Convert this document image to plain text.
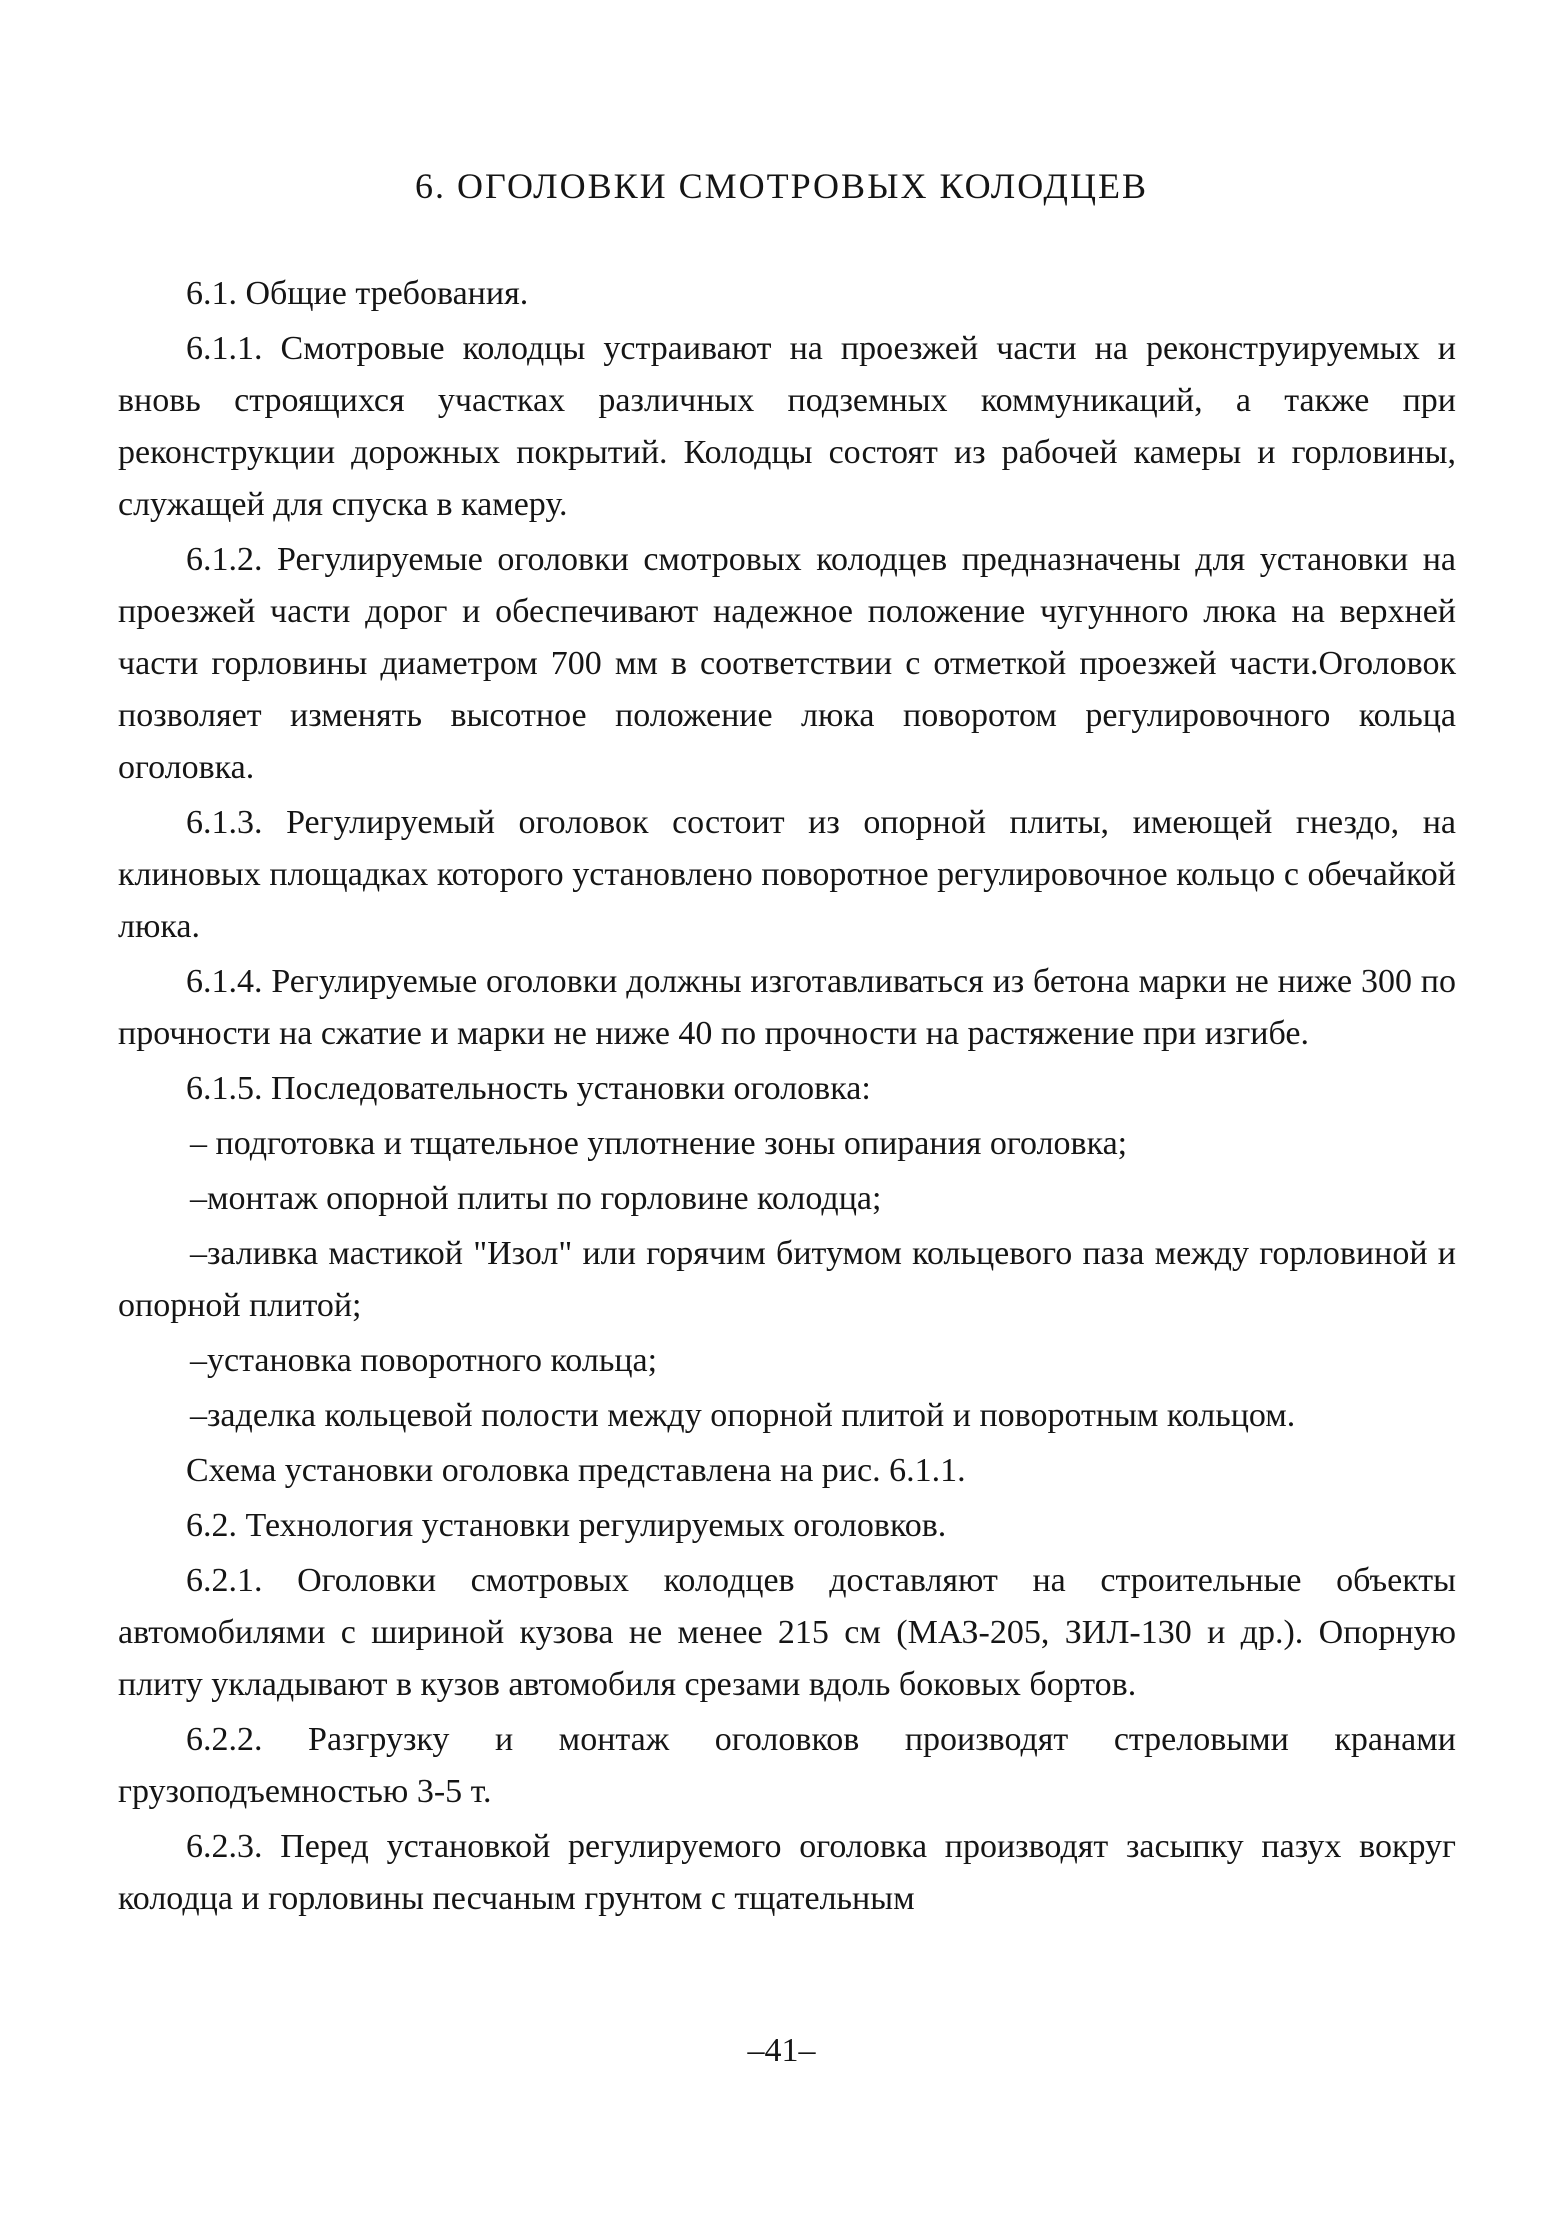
6. ОГОЛОВКИ СМОТРОВЫХ КОЛОДЦЕВ

6.1. Общие требования.

6.1.1. Смотровые колодцы устраивают на проезжей части на реконструируемых и вновь строящихся участках различных подземных коммуникаций, а также при реконструкции дорожных покрытий. Колодцы состоят из рабочей камеры и горловины, служащей для спуска в камеру.

6.1.2. Регулируемые оголовки смотровых колодцев предназначены для установки на проезжей части дорог и обеспечивают надежное положение чугунного люка на верхней части горловины диаметром 700 мм в соответствии с отметкой проезжей части.Оголовок позволяет изменять высотное положение люка поворотом регулировочного кольца оголовка.

6.1.3. Регулируемый оголовок состоит из опорной плиты, имеющей гнездо, на клиновых площадках которого установлено поворотное регулировочное кольцо с обечайкой люка.

6.1.4. Регулируемые оголовки должны изготавливаться из бетона марки не ниже 300 по прочности на сжатие и марки не ниже 40 по прочности на растяжение при изгибе.

6.1.5. Последовательность установки оголовка:

– подготовка и тщательное уплотнение зоны опирания оголовка;

–монтаж опорной плиты по горловине колодца;

–заливка мастикой "Изол" или горячим битумом кольцевого паза между горловиной и опорной плитой;

–установка поворотного кольца;

–заделка кольцевой полости между опорной плитой и поворотным кольцом.

Схема установки оголовка представлена на рис. 6.1.1.

6.2. Технология установки регулируемых оголовков.

6.2.1. Оголовки смотровых колодцев доставляют на строительные объекты автомобилями с шириной кузова не менее 215 см (МАЗ-205, ЗИЛ-130 и др.). Опорную плиту укладывают в кузов автомобиля срезами вдоль боковых бортов.

6.2.2. Разгрузку и монтаж оголовков производят стреловыми кранами грузоподъемностью 3-5 т.

6.2.3. Перед установкой регулируемого оголовка производят засыпку пазух вокруг колодца и горловины песчаным грунтом с тщательным

–41–
